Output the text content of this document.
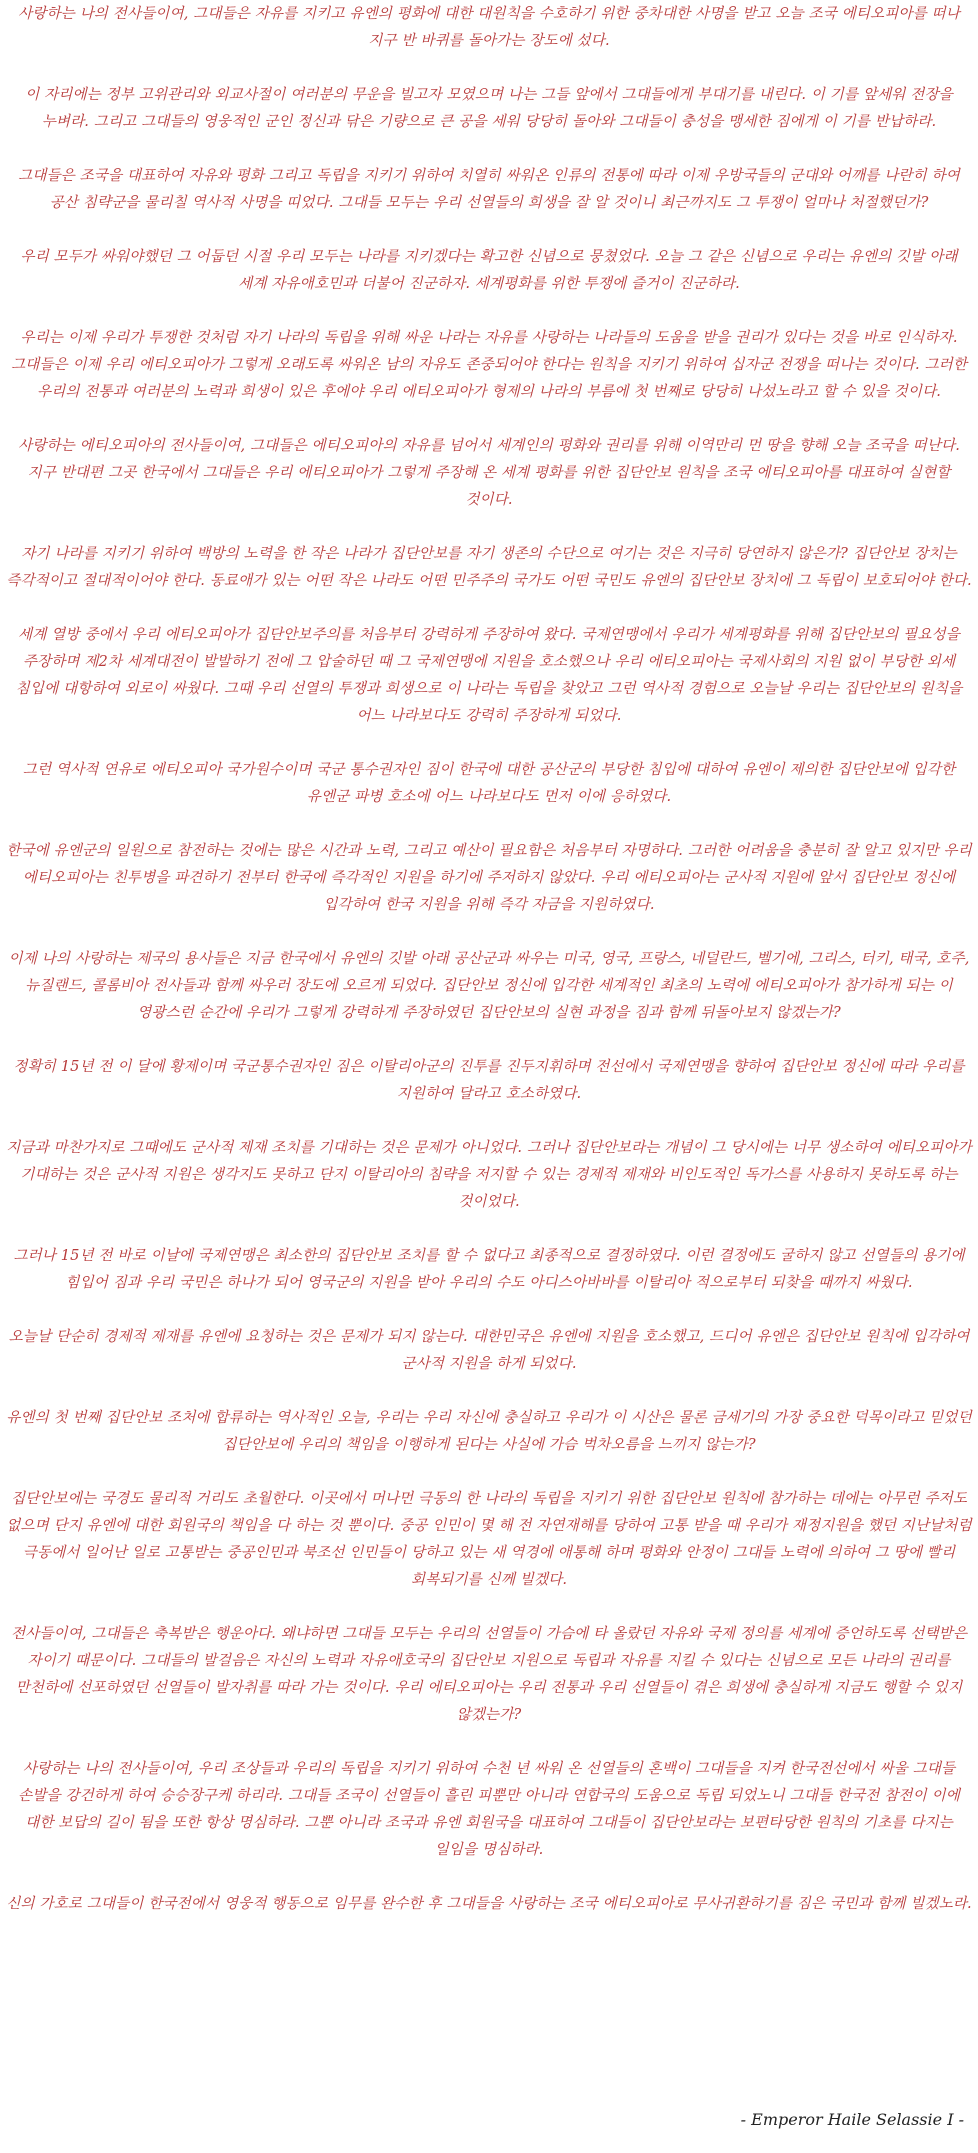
사랑하는 나의 전사들이여, 그대들은 자유를 지키고 유엔의 평화에 대한 대원칙을 수호하기 위한 중차대한 사명을 받고 오늘 조국 에티오피아를 떠나 지구 반 바퀴를 돌아가는 장도에 섰다.

이 자리에는 정부 고위관리와 외교사절이 여러분의 무운을 빌고자 모였으며 나는 그들 앞에서 그대들에게 부대기를 내린다. 이 기를 앞세워 전장을 누벼라. 그리고 그대들의 영웅적인 군인 정신과 닦은 기량으로 큰 공을 세워 당당히 돌아와 그대들이 충성을 맹세한 짐에게 이 기를 반납하라.

그대들은 조국을 대표하여 자유와 평화 그리고 독립을 지키기 위하여 치열히 싸워온 인류의 전통에 따라 이제 우방국들의 군대와 어깨를 나란히 하여 공산 침략군을 물리칠 역사적 사명을 띠었다. 그대들 모두는 우리 선열들의 희생을 잘 알 것이니 최근까지도 그 투쟁이 얼마나 처절했던가?

우리 모두가 싸워야했던 그 어둡던 시절 우리 모두는 나라를 지키겠다는 확고한 신념으로 뭉쳤었다. 오늘 그 같은 신념으로 우리는 유엔의 깃발 아래 세계 자유애호민과 더불어 진군하자. 세계평화를 위한 투쟁에 즐거이 진군하라.

우리는 이제 우리가 투쟁한 것처럼 자기 나라의 독립을 위해 싸운 나라는 자유를 사랑하는 나라들의 도움을 받을 권리가 있다는 것을 바로 인식하자. 그대들은 이제 우리 에티오피아가 그렇게 오래도록 싸워온 남의 자유도 존중되어야 한다는 원칙을 지키기 위하여 십자군 전쟁을 떠나는 것이다. 그러한 우리의 전통과 여러분의 노력과 희생이 있은 후에야 우리 에티오피아가 형제의 나라의 부름에 첫 번째로 당당히 나섰노라고 할 수 있을 것이다.

사랑하는 에티오피아의 전사들이여, 그대들은 에티오피아의 자유를 넘어서 세계인의 평화와 권리를 위해 이역만리 먼 땅을 향해 오늘 조국을 떠난다. 지구 반대편 그곳 한국에서 그대들은 우리 에티오피아가 그렇게 주장해 온 세계 평화를 위한 집단안보 원칙을 조국 에티오피아를 대표하여 실현할 것이다.

자기 나라를 지키기 위하여 백방의 노력을 한 작은 나라가 집단안보를 자기 생존의 수단으로 여기는 것은 지극히 당연하지 않은가? 집단안보 장치는 즉각적이고 절대적이어야 한다. 동료애가 있는 어떤 작은 나라도 어떤 민주주의 국가도 어떤 국민도 유엔의 집단안보 장치에 그 독립이 보호되어야 한다.

세계 열방 중에서 우리 에티오피아가 집단안보주의를 처음부터 강력하게 주장하여 왔다. 국제연맹에서 우리가 세계평화를 위해 집단안보의 필요성을 주장하며 제2차 세계대전이 발발하기 전에 그 압술하던 때 그 국제연맹에 지원을 호소했으나 우리 에티오피아는 국제사회의 지원 없이 부당한 외세 침입에 대항하여 외로이 싸웠다. 그때 우리 선열의 투쟁과 희생으로 이 나라는 독립을 찾았고 그런 역사적 경험으로 오늘날 우리는 집단안보의 원칙을 어느 나라보다도 강력히 주장하게 되었다.

그런 역사적 연유로 에티오피아 국가원수이며 국군 통수권자인 짐이 한국에 대한 공산군의 부당한 침입에 대하여 유엔이 제의한 집단안보에 입각한 유엔군 파병 호소에 어느 나라보다도 먼저 이에 응하였다.

한국에 유엔군의 일원으로 참전하는 것에는 많은 시간과 노력, 그리고 예산이 필요함은 처음부터 자명하다. 그러한 어려움을 충분히 잘 알고 있지만 우리 에티오피아는 친투병을 파견하기 전부터 한국에 즉각적인 지원을 하기에 주저하지 않았다. 우리 에티오피아는 군사적 지원에 앞서 집단안보 정신에 입각하여 한국 지원을 위해 즉각 자금을 지원하였다.

이제 나의 사랑하는 제국의 용사들은 지금 한국에서 유엔의 깃발 아래 공산군과 싸우는 미국, 영국, 프랑스, 네덜란드, 벨기에, 그리스, 터키, 태국, 호주, 뉴질랜드, 콜롬비아 전사들과 함께 싸우러 장도에 오르게 되었다. 집단안보 정신에 입각한 세계적인 최초의 노력에 에티오피아가 참가하게 되는 이 영광스런 순간에 우리가 그렇게 강력하게 주장하였던 집단안보의 실현 과정을 짐과 함께 뒤돌아보지 않겠는가?

정확히 15년 전 이 달에 황제이며 국군통수권자인 짐은 이탈리아군의 진투를 진두지휘하며 전선에서 국제연맹을 향하여 집단안보 정신에 따라 우리를 지원하여 달라고 호소하였다.

지금과 마찬가지로 그때에도 군사적 제재 조치를 기대하는 것은 문제가 아니었다. 그러나 집단안보라는 개념이 그 당시에는 너무 생소하여 에티오피아가 기대하는 것은 군사적 지원은 생각지도 못하고 단지 이탈리아의 침략을 저지할 수 있는 경제적 제재와 비인도적인 독가스를 사용하지 못하도록 하는 것이었다.

그러나 15년 전 바로 이날에 국제연맹은 최소한의 집단안보 조치를 할 수 없다고 최종적으로 결정하였다. 이런 결정에도 굴하지 않고 선열들의 용기에 힘입어 짐과 우리 국민은 하나가 되어 영국군의 지원을 받아 우리의 수도 아디스아바바를 이탈리아 적으로부터 되찾을 때까지 싸웠다.

오늘날 단순히 경제적 제재를 유엔에 요청하는 것은 문제가 되지 않는다. 대한민국은 유엔에 지원을 호소했고, 드디어 유엔은 집단안보 원칙에 입각하여 군사적 지원을 하게 되었다.

유엔의 첫 번째 집단안보 조처에 합류하는 역사적인 오늘, 우리는 우리 자신에 충실하고 우리가 이 시산은 물론 금세기의 가장 중요한 덕목이라고 믿었던 집단안보에 우리의 책임을 이행하게 된다는 사실에 가슴 벅차오름을 느끼지 않는가?

집단안보에는 국경도 물리적 거리도 초월한다. 이곳에서 머나먼 극동의 한 나라의 독립을 지키기 위한 집단안보 원칙에 참가하는 데에는 아무런 주저도 없으며 단지 유엔에 대한 회원국의 책임을 다 하는 것 뿐이다. 중공 인민이 몇 해 전 자연재해를 당하여 고통 받을 때 우리가 재정지원을 했던 지난날처럼 극동에서 일어난 일로 고통받는 중공인민과 북조선 인민들이 당하고 있는 새 역경에 애통해 하며 평화와 안정이 그대들 노력에 의하여 그 땅에 빨리 회복되기를 신께 빌겠다.

전사들이여, 그대들은 축복받은 행운아다. 왜냐하면 그대들 모두는 우리의 선열들이 가슴에 타 올랐던 자유와 국제 정의를 세계에 증언하도록 선택받은 자이기 때문이다. 그대들의 발걸음은 자신의 노력과 자유애호국의 집단안보 지원으로 독립과 자유를 지킬 수 있다는 신념으로 모든 나라의 권리를 만천하에 선포하였던 선열들이 발자취를 따라 가는 것이다. 우리 에티오피아는 우리 전통과 우리 선열들이 겪은 희생에 충실하게 지금도 행할 수 있지 않겠는가?

사랑하는 나의 전사들이여, 우리 조상들과 우리의 독립을 지키기 위하여 수천 년 싸워 온 선열들의 혼백이 그대들을 지켜 한국전선에서 싸울 그대들 손발을 강건하게 하여 승승장구케 하리라. 그대들 조국이 선열들이 흘린 피뿐만 아니라 연합국의 도움으로 독립 되었노니 그대들 한국전 참전이 이에 대한 보답의 길이 됨을 또한 항상 명심하라. 그뿐 아니라 조국과 유엔 회원국을 대표하여 그대들이 집단안보라는 보편타당한 원칙의 기초를 다지는 일임을 명심하라.

신의 가호로 그대들이 한국전에서 영웅적 행동으로 임무를 완수한 후 그대들을 사랑하는 조국 에티오피아로 무사귀환하기를 짐은 국민과 함께 빌겠노라.

- Emperor Haile Selassie I -
